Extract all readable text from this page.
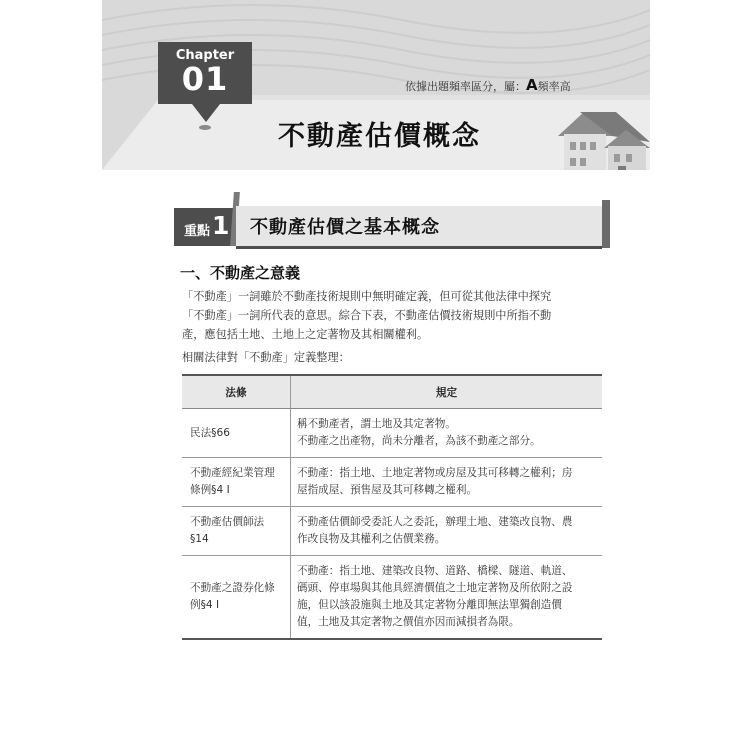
Chapter
01	依據出題頻率區分，屬：A頻率高
不動產估價概念
重點 1 不動產估價之基本概念
一、不動產之意義

「不動產」一詞雖於不動產技術規則中無明確定義，但可從其他法律中探究

「不動產」一詞所代表的意思。綜合下表，不動產估價技術規則中所指不動

產，應包括土地、土地上之定著物及其相關權利。

相關法律對「不動產」定義整理：
法條	規定
民法§66	稱不動產者，謂土地及其定著物。
不動產之出產物，尚未分離者，為該不動產之部分。

不動產經紀業管理條例§4 I	不動產：指土地、土地定著物或房屋及其可移轉之權利；房
屋指成屋、預售屋及其可移轉之權利。

不動產估價師法§14	不動產估價師受委託人之委託，辦理土地、建築改良物、農
作改良物及其權利之估價業務。

不動產之證券化條例§4 I	不動產：指土地、建築改良物、道路、橋樑、隧道、軌道、
碼頭、停車場與其他具經濟價值之土地定著物及所依附之設
施，但以該設施與土地及其定著物分離即無法單獨創造價
值，土地及其定著物之價值亦因而減損者為限。
